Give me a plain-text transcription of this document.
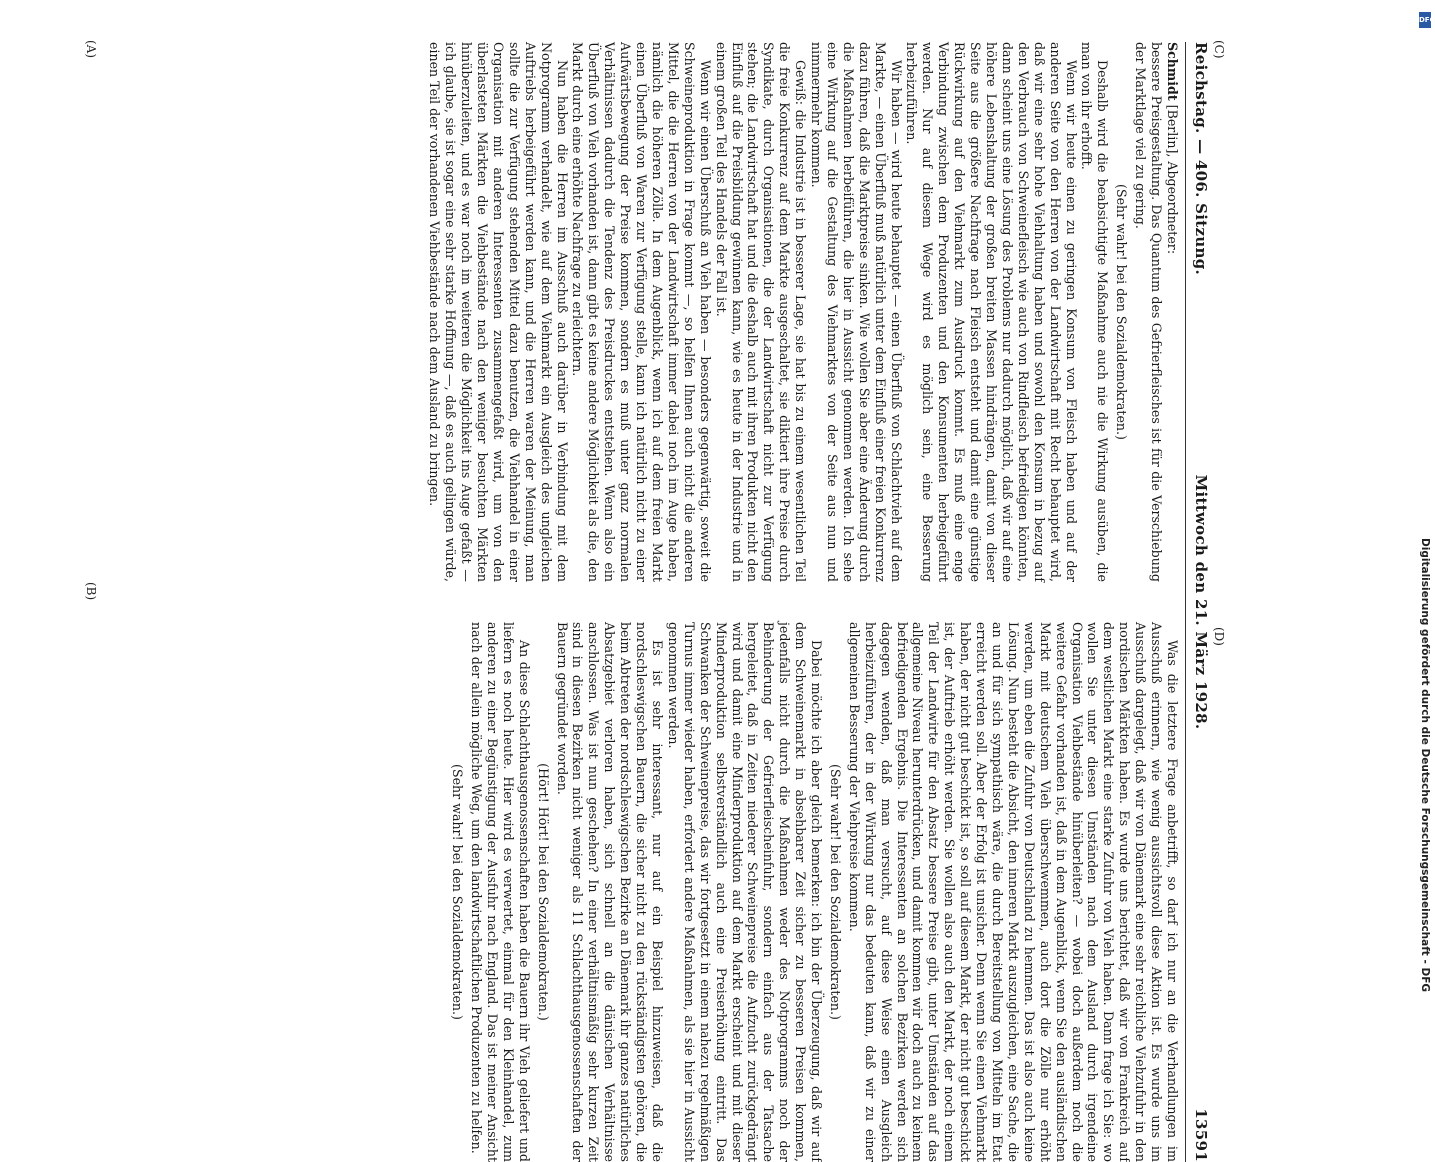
Reichstag. — 406. Sitzung.
Mittwoch den 21. März 1928.
13591

Schmidt [Berlin], Abgeordneter:

bessere Preisgestaltung. Das Quantum des Gefrierfleisches ist für die Verschiebung der Marktlage viel zu gering.

(Sehr wahr! bei den Sozialdemokraten.)

Deshalb wird die beabsichtigte Maßnahme auch nie die Wirkung ausüben, die man von ihr erhofft.

Wenn wir heute einen zu geringen Konsum von Fleisch haben und auf der anderen Seite von den Herren von der Landwirtschaft mit Recht behauptet wird, daß wir eine sehr hohe Viehhaltung haben und sowohl den Konsum in bezug auf den Verbrauch von Schweinefleisch wie auch von Rindfleisch befriedigen könnten, dann scheint uns eine Lösung des Problems nur dadurch möglich, daß wir auf eine höhere Lebenshaltung der großen breiten Massen hindrängen, damit von dieser Seite aus die größere Nachfrage nach Fleisch entsteht und damit eine günstige Rückwirkung auf den Viehmarkt zum Ausdruck kommt. Es muß eine enge Verbindung zwischen dem Produzenten und den Konsumenten herbeigeführt werden. Nur auf diesem Wege wird es möglich sein, eine Besserung herbeizuführen.

Wir haben — wird heute behauptet — einen Überfluß von Schlachtvieh auf dem Markte, — einen Überfluß muß natürlich unter dem Einfluß einer freien Konkurrenz dazu führen, daß die Marktpreise sinken. Wie wollen Sie aber eine Änderung durch die Maßnahmen herbeiführen, die hier in Aussicht genommen werden. Ich sehe eine Wirkung auf die Gestaltung des Viehmarktes von der Seite aus nun und nimmermehr kommen.

Gewiß: die Industrie ist in besserer Lage, sie hat bis zu einem wesentlichen Teil die freie Konkurrenz auf dem Markte ausgeschaltet, sie diktiert ihre Preise durch Syndikate, durch Organisationen, die der Landwirtschaft nicht zur Verfügung stehen; die Landwirtschaft hat und die deshalb auch mit ihren Produkten nicht den Einfluß auf die Preisbildung gewinnen kann, wie es heute in der Industrie und in einem großen Teil des Handels der Fall ist.

Wenn wir einen Überschuß an Vieh haben — besonders gegenwärtig, soweit die Schweineproduktion in Frage kommt —, so helfen Ihnen auch nicht die anderen Mittel, die die Herren von der Landwirtschaft immer dabei noch im Auge haben, nämlich die höheren Zölle. In dem Augenblick, wenn ich auf dem freien Markt einen Überfluß von Waren zur Verfügung stelle, kann ich natürlich nicht zu einer Aufwärtsbewegung der Preise kommen, sondern es muß unter ganz normalen Verhältnissen dadurch die Tendenz des Preisdruckes entstehen. Wenn also ein Überfluß von Vieh vorhanden ist, dann gibt es keine andere Möglichkeit als die, den Markt durch eine erhöhte Nachfrage zu erleichtern.

Nun haben die Herren im Ausschuß auch darüber in Verbindung mit dem Notprogramm verhandelt, wie auf dem Viehmarkt ein Ausgleich des ungleichen Auftriebs herbeigeführt werden kann, und die Herren waren der Meinung, man sollte die zur Verfügung stehenden Mittel dazu benutzen, die Viehhandel in einer Organisation mit anderen Interessenten zusammengefaßt wird, um von den überlasteten Märkten die Viehbestände nach den weniger besuchten Märkten hinüberzuleiten, und es war noch im weiteren die Möglichkeit ins Auge gefaßt — ich glaube, sie ist sogar eine sehr starke Hoffnung —, daß es auch gelingen würde, einen Teil der vorhandenen Viehbestände nach dem Ausland zu bringen.

Was die letztere Frage anbetrifft, so darf ich nur an die Verhandlungen im Ausschuß erinnern, wie wenig aussichtsvoll diese Aktion ist. Es wurde uns im Ausschuß dargelegt, daß wir von Dänemark eine sehr reichliche Viehzufuhr in den nordischen Märkten haben. Es wurde uns berichtet, daß wir von Frankreich auf dem westlichen Markt eine starke Zufuhr von Vieh haben. Dann frage ich Sie: wo wollen Sie unter diesen Umständen nach dem Ausland durch irgendeine Organisation Viehbestände hinüberleiten? — wobei doch außerdem noch die weitere Gefahr vorhanden ist, daß in dem Augenblick, wenn Sie den ausländischen Markt mit deutschem Vieh überschwemmen, auch dort die Zölle nur erhöht werden, um eben die Zufuhr von Deutschland zu hemmen. Das ist also auch keine Lösung. Nun besteht die Absicht, den inneren Markt auszugleichen, eine Sache, die an und für sich sympathisch wäre, die durch Bereitstellung von Mitteln im Etat erreicht werden soll. Aber der Erfolg ist unsicher. Denn wenn Sie einen Viehmarkt haben, der nicht gut beschickt ist, so soll auf diesem Markt, der nicht gut beschickt ist, der Auftrieb erhöht werden. Sie wollen also auch den Markt, der noch einem Teil der Landwirte für den Absatz bessere Preise gibt, unter Umständen auf das allgemeine Niveau herunterdrücken, und damit kommen wir doch auch zu keinem befriedigenden Ergebnis. Die Interessenten an solchen Bezirken werden sich dagegen wenden, daß man versucht, auf diese Weise einen Ausgleich herbeizuführen, der in der Wirkung nur das bedeuten kann, daß wir zu einer allgemeinen Besserung der Viehpreise kommen.

(Sehr wahr! bei den Sozialdemokraten.)

Dabei möchte ich aber gleich bemerken: ich bin der Überzeugung, daß wir auf dem Schweinemarkt in absehbarer Zeit sicher zu besseren Preisen kommen, jedenfalls nicht durch die Maßnahmen weder des Notprogramms noch der Behinderung der Gefrierfleischeinfuhr, sondern einfach aus der Tatsache hergeleitet, daß in Zeiten niederer Schweinepreise die Aufzucht zurückgedrängt wird und damit eine Minderproduktion auf dem Markt erscheint und mit dieser Minderproduktion selbstverständlich auch eine Preiserhöhung eintritt. Das Schwanken der Schweinepreise, das wir fortgesetzt in einem nahezu regelmäßigen Turnus immer wieder haben, erfordert andere Maßnahmen, als sie hier in Aussicht genommen werden.

Es ist sehr interessant, nur auf ein Beispiel hinzuweisen, daß die nordschleswigschen Bauern, die sicher nicht zu den rückständigsten gehören, die beim Abtreten der nordschleswigschen Bezirke an Dänemark ihr ganzes natürliches Absatzgebiet verloren haben, sich schnell an die dänischen Verhältnisse anschlossen. Was ist nun geschehen? In einer verhältnismäßig sehr kurzen Zeit sind in diesen Bezirken nicht weniger als 11 Schlachthausgenossenschaften der Bauern gegründet worden.

(Hört! Hört! bei den Sozialdemokraten.)

An diese Schlachthausgenossenschaften haben die Bauern ihr Vieh geliefert und liefern es noch heute. Hier wird es verwertet, einmal für den Kleinhandel, zum anderen zu einer Begünstigung der Ausfuhr nach England. Das ist meiner Ansicht nach der allein mögliche Weg, um den landwirtschaftlichen Produzenten zu helfen.

(Sehr wahr! bei den Sozialdemokraten.)

(A)
(B)
(C)
(D)
DFG
Digitalisierung gefördert durch die Deutsche Forschungsgemeinschaft - DFG
